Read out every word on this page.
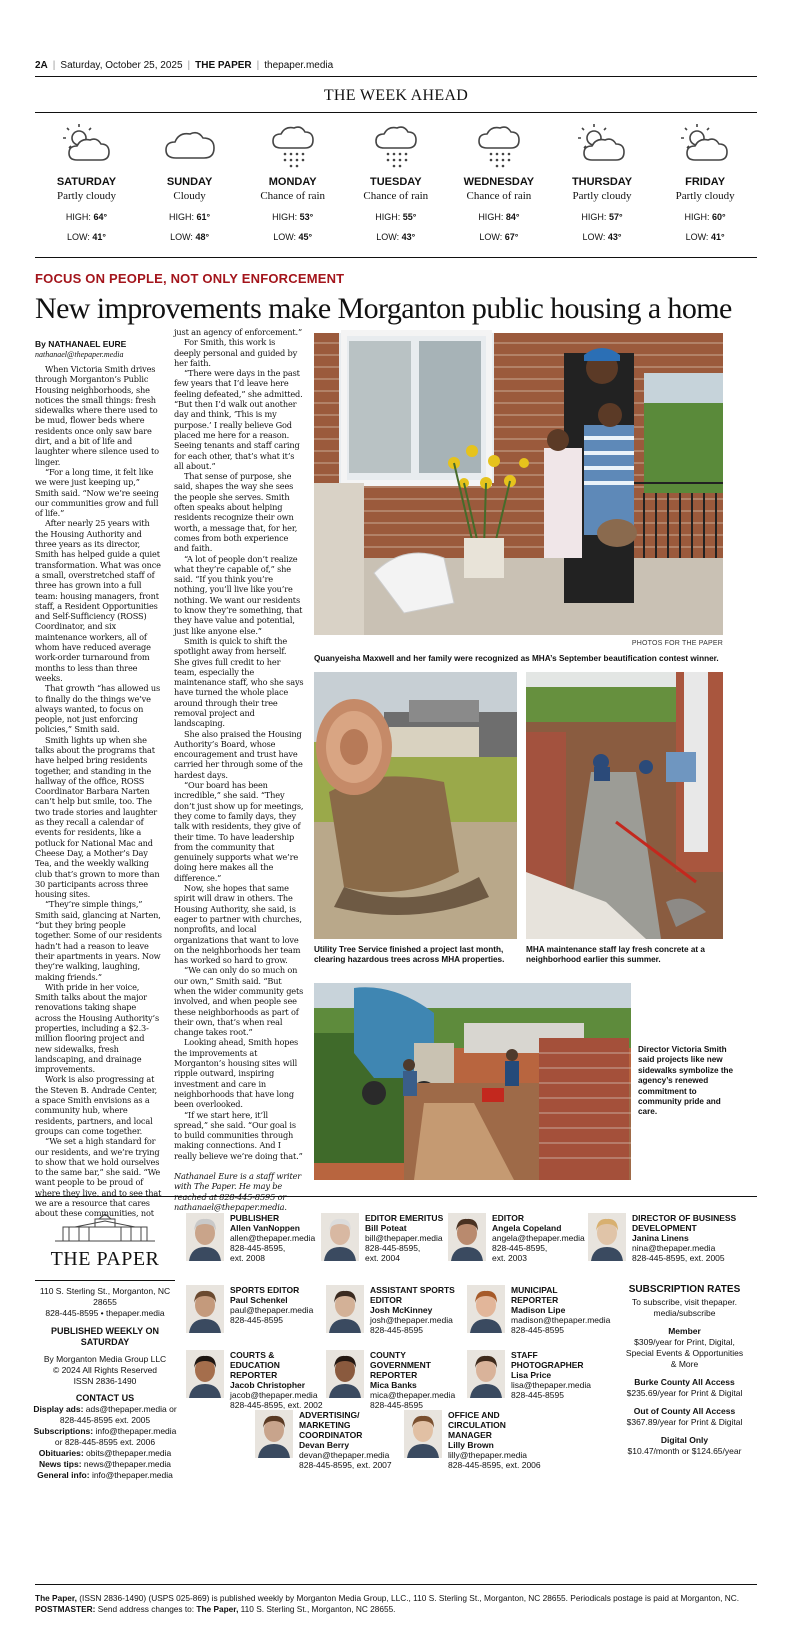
2A | Saturday, October 25, 2025 | THE PAPER | thepaper.media
THE WEEK AHEAD
SATURDAY
Partly cloudy
HIGH: 64°
LOW: 41°
SUNDAY
Cloudy
HIGH: 61°
LOW: 48°
MONDAY
Chance of rain
HIGH: 53°
LOW: 45°
TUESDAY
Chance of rain
HIGH: 55°
LOW: 43°
WEDNESDAY
Chance of rain
HIGH: 84°
LOW: 67°
THURSDAY
Partly cloudy
HIGH: 57°
LOW: 43°
FRIDAY
Partly cloudy
HIGH: 60°
LOW: 41°
FOCUS ON PEOPLE, NOT ONLY ENFORCEMENT
New improvements make Morganton public housing a home
By NATHANAEL EURE
nathanael@thepaper.media

When Victoria Smith drives through Morganton’s Public Housing neighborhoods, she notices the small things: fresh sidewalks where there used to be mud, flower beds where residents once only saw bare dirt, and a bit of life and laughter where silence used to linger.

“For a long time, it felt like we were just keeping up,” Smith said. “Now we’re seeing our communities grow and full of life.”

After nearly 25 years with the Housing Authority and three years as its director, Smith has helped guide a quiet transformation. What was once a small, overstretched staff of three has grown into a full team: housing managers, front staff, a Resident Opportunities and Self-Sufficiency (ROSS) Coordinator, and six maintenance workers, all of whom have reduced average work-order turnaround from months to less than three weeks.

That growth “has allowed us to finally do the things we’ve always wanted, to focus on people, not just enforcing policies,” Smith said.

Smith lights up when she talks about the programs that have helped bring residents together, and standing in the hallway of the office, ROSS Coordinator Barbara Narten can’t help but smile, too. The two trade stories and laughter as they recall a calendar of events for residents, like a potluck for National Mac and Cheese Day, a Mother’s Day Tea, and the weekly walking club that’s grown to more than 30 participants across three housing sites.

“They’re simple things,” Smith said, glancing at Narten, “but they bring people together. Some of our residents hadn’t had a reason to leave their apartments in years. Now they’re walking, laughing, making friends.”

With pride in her voice, Smith talks about the major renovations taking shape across the Housing Authority’s properties, including a $2.3-million flooring project and new sidewalks, fresh landscaping, and drainage improvements.

Work is also progressing at the Steven B. Andrade Center, a space Smith envisions as a community hub, where residents, partners, and local groups can come together.

“We set a high standard for our residents, and we’re trying to show that we hold ourselves to the same bar,” she said. “We want people to be proud of where they live, and to see that we are a resource that cares about these communities, not

just an agency of enforcement.”

For Smith, this work is deeply personal and guided by her faith.

“There were days in the past few years that I’d leave here feeling defeated,” she admitted. “But then I’d walk out another day and think, ‘This is my purpose.’ I really believe God placed me here for a reason. Seeing tenants and staff caring for each other, that’s what it’s all about.”

That sense of purpose, she said, shapes the way she sees the people she serves. Smith often speaks about helping residents recognize their own worth, a message that, for her, comes from both experience and faith.

“A lot of people don’t realize what they’re capable of,” she said. “If you think you’re nothing, you’ll live like you’re nothing. We want our residents to know they’re something, that they have value and potential, just like anyone else.”

Smith is quick to shift the spotlight away from herself. She gives full credit to her team, especially the maintenance staff, who she says have turned the whole place around through their tree removal project and landscaping.

She also praised the Housing Authority’s Board, whose encouragement and trust have carried her through some of the hardest days.

“Our board has been incredible,” she said. “They don’t just show up for meetings, they come to family days, they talk with residents, they give of their time. To have leadership from the community that genuinely supports what we’re doing here makes all the difference.”

Now, she hopes that same spirit will draw in others. The Housing Authority, she said, is eager to partner with churches, nonprofits, and local organizations that want to love on the neighborhoods her team has worked so hard to grow.

“We can only do so much on our own,” Smith said. “But when the wider community gets involved, and when people see these neighborhoods as part of their own, that’s when real change takes root.”

Looking ahead, Smith hopes the improvements at Morganton’s housing sites will ripple outward, inspiring investment and care in neighborhoods that have long been overlooked.

“If we start here, it’ll spread,” she said. “Our goal is to build communities through making connections. And I really believe we’re doing that.”

Nathanael Eure is a staff writer with The Paper. He may be reached at 828-445-8595 or nathanael@thepaper.media.

PHOTOS FOR THE PAPER
Quanyeisha Maxwell and her family were recognized as MHA’s September beautification contest winner.
Utility Tree Service finished a project last month, clearing hazardous trees across MHA properties.
MHA maintenance staff lay fresh concrete at a neighborhood earlier this summer.
Director Victoria Smith said projects like new sidewalks symbolize the agency’s renewed commitment to community pride and care.
THE PAPER
110 S. Sterling St., Morganton, NC 28655
828-445-8595 • thepaper.media
PUBLISHED WEEKLY ON SATURDAY
By Morganton Media Group LLC
© 2024 All Rights Reserved
ISSN 2836-1490
CONTACT US
Display ads: ads@thepaper.media or 828-445-8595 ext. 2005
Subscriptions: info@thepaper.media or 828-445-8595 ext. 2006
Obituaries: obits@thepaper.media
News tips: news@thepaper.media
General info: info@thepaper.media
PUBLISHER
Allen VanNoppen
allen@thepaper.media
828-445-8595,
ext. 2008
EDITOR EMERITUS
Bill Poteat
bill@thepaper.media
828-445-8595,
ext. 2004
EDITOR
Angela Copeland
angela@thepaper.media
828-445-8595,
ext. 2003
DIRECTOR OF BUSINESS DEVELOPMENT
Janina Linens
nina@thepaper.media
828-445-8595, ext. 2005
SPORTS EDITOR
Paul Schenkel
paul@thepaper.media
828-445-8595
ASSISTANT SPORTS EDITOR
Josh McKinney
josh@thepaper.media
828-445-8595
MUNICIPAL REPORTER
Madison Lipe
madison@thepaper.media
828-445-8595
COURTS & EDUCATION REPORTER
Jacob Christopher
jacob@thepaper.media
828-445-8595, ext. 2002
COUNTY GOVERNMENT REPORTER
Mica Banks
mica@thepaper.media
828-445-8595
STAFF PHOTOGRAPHER
Lisa Price
lisa@thepaper.media
828-445-8595
ADVERTISING/ MARKETING COORDINATOR
Devan Berry
devan@thepaper.media
828-445-8595, ext. 2007
OFFICE AND CIRCULATION MANAGER
Lilly Brown
lilly@thepaper.media
828-445-8595, ext. 2006
SUBSCRIPTION RATES
To subscribe, visit thepaper. media/subscribe
Member
$309/year for Print, Digital, Special Events & Opportunities & More
Burke County All Access
$235.69/year for Print & Digital
Out of County All Access
$367.89/year for Print & Digital
Digital Only
$10.47/month or $124.65/year
The Paper, (ISSN 2836-1490) (USPS 025-869) is published weekly by Morganton Media Group, LLC., 110 S. Sterling St., Morganton, NC 28655. Periodicals postage is paid at Morganton, NC. POSTMASTER: Send address changes to: The Paper, 110 S. Sterling St., Morganton, NC 28655.
